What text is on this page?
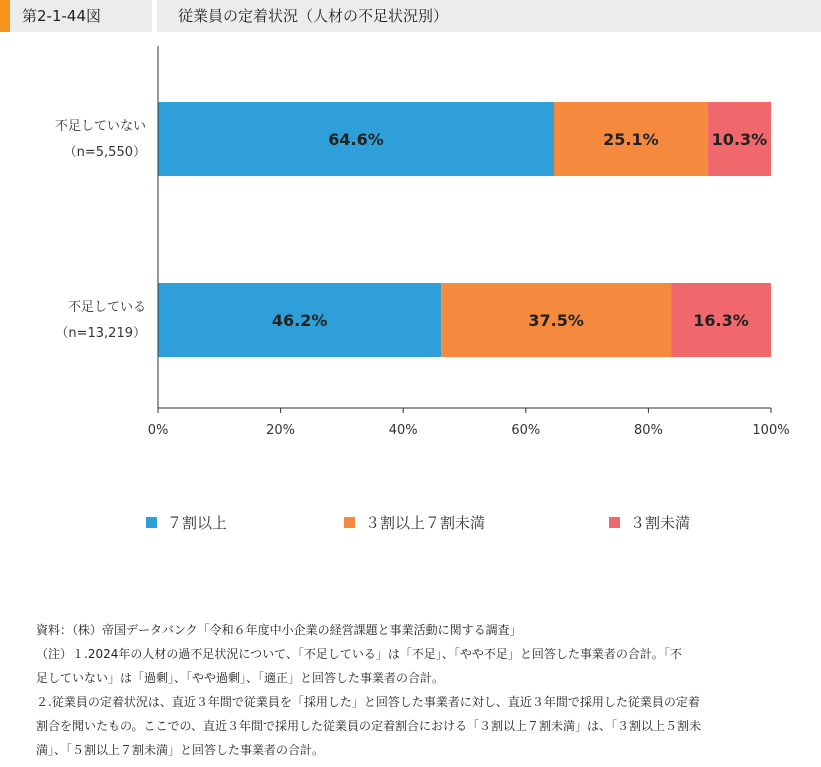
第2-1-44図	従業員の定着状況（人材の不足状況別）
64.6%	25.1%	10.3%
不足していない
（n=5,550）
46.2%	37.5%	16.3%
不足している
（n=13,219）
0%	20%	40%	60%	80%	100%
７割以上	３割以上７割未満	３割未満
資料：（株）帝国データバンク「令和６年度中小企業の経営課題と事業活動に関する調査」
（注）１.2024年の人材の過不足状況について、「不足している」は「不足」、「やや不足」と回答した事業者の合計。「不
足していない」は「過剰」、「やや過剰」、「適正」と回答した事業者の合計。
２.従業員の定着状況は、直近３年間で従業員を「採用した」と回答した事業者に対し、直近３年間で採用した従業員の定着
割合を聞いたもの。ここでの、直近３年間で採用した従業員の定着割合における「３割以上７割未満」は、「３割以上５割未
満」、「５割以上７割未満」と回答した事業者の合計。
